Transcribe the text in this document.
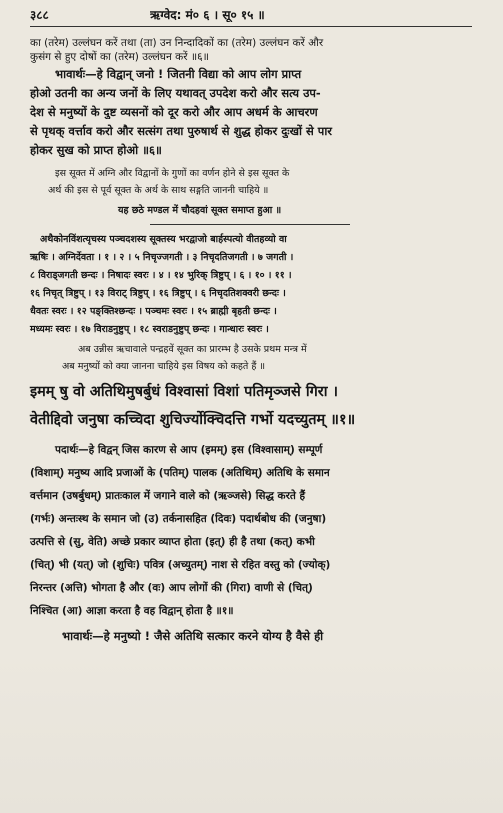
३८८	ऋग्वेद: मं० ६ । सू० १५ ॥
का (तरेम) उल्लंघन करें तथा (ता) उन निन्दादिकों का (तरेम) उल्लंघन करें और
कुसंग से हुए दोषों का (तरेम) उल्लंघन करें ॥६॥
भावार्थः—हे विद्वान् जनो ! जितनी विद्या को आप लोग प्राप्त
होओ उतनी का अन्य जनों के लिए यथावत् उपदेश करो और सत्य उप-
देश से मनुष्यों के दुष्ट व्यसनों को दूर करो और आप अधर्म के आचरण
से पृथक् वर्त्ताव करो और सत्संग तथा पुरुषार्थ से शुद्ध होकर दुःखों से पार
होकर सुख को प्राप्त होओ ॥६॥
इस सूक्त में अग्नि और विद्वानों के गुणों का वर्णन होने से इस सूक्त के
अर्थ की इस से पूर्व सूक्त के अर्थ के साथ सङ्गति जाननी चाहिये ॥
यह छठे मण्डल में चौदहवां सूक्त समाप्त हुआ ॥
अथैकोनविंशत्यृचस्य पञ्चदशस्य सूक्तस्य भरद्वाजो बार्हस्पत्यो वीतहव्यो वा
ऋषिः । अग्निर्देवता । १ । २ । ५ निचृज्जगती । ३ निचृदतिजगती । ७ जगती ।
८ विराड्जगती छन्दः । निषादः स्वरः । ४ । १४ भुरिक् त्रिष्टुप् । ६ । १० । ११ ।
१६ निचृत् त्रिष्टुप् । १३ विराट् त्रिष्टुप् । १६ त्रिष्टुप् । ६ निचृदतिशक्वरी छन्दः ।
धैवतः स्वरः । १२ पङ्क्तिश्छन्दः । पञ्चमः स्वरः । १५ ब्राह्मी बृहती छन्दः ।
मध्यमः स्वरः । १७ विराडनुष्टुप् । १८ स्वराडनुष्टुप् छन्दः । गान्धारः स्वरः ।
अब उन्नीस ऋचावाले पन्द्रहवें सूक्त का प्रारम्भ है उसके प्रथम मन्त्र में
अब मनुष्यों को क्या जानना चाहिये इस विषय को कहते हैं ॥
इमम् षु वो अतिथिमुषर्बुधं विश्वासां विशां पतिमृञ्जसे गिरा ।
वेतीद्दिवो जनुषा कच्चिदा शुचिर्ज्योक्चिदत्ति गर्भो यदच्युतम् ॥१॥
पदार्थः—हे विद्वन् जिस कारण से आप (इमम्) इस (विश्वासाम्) सम्पूर्ण
(विशाम्) मनुष्य आदि प्रजाओं के (पतिम्) पालक (अतिथिम्) अतिथि के समान
वर्त्तमान (उषर्बुधम्) प्रातःकाल में जगाने वाले को (ऋञ्जसे) सिद्ध करते हैं
(गर्भः) अन्तःस्थ के समान जो (उ) तर्कनासहित (दिवः) पदार्थबोध की (जनुषा)
उत्पत्ति से (सु, वेति) अच्छे प्रकार व्याप्त होता (इत्) ही है तथा (कत्) कभी
(चित्) भी (यत्) जो (शुचिः) पवित्र (अच्युतम्) नाश से रहित वस्तु को (ज्योक्)
निरन्तर (अत्ति) भोगता है और (वः) आप लोगों की (गिरा) वाणी से (चित्)
निश्चित (आ) आज्ञा करता है वह विद्वान् होता है ॥१॥
भावार्थः—हे मनुष्यो ! जैसे अतिथि सत्कार करने योग्य है वैसे ही
